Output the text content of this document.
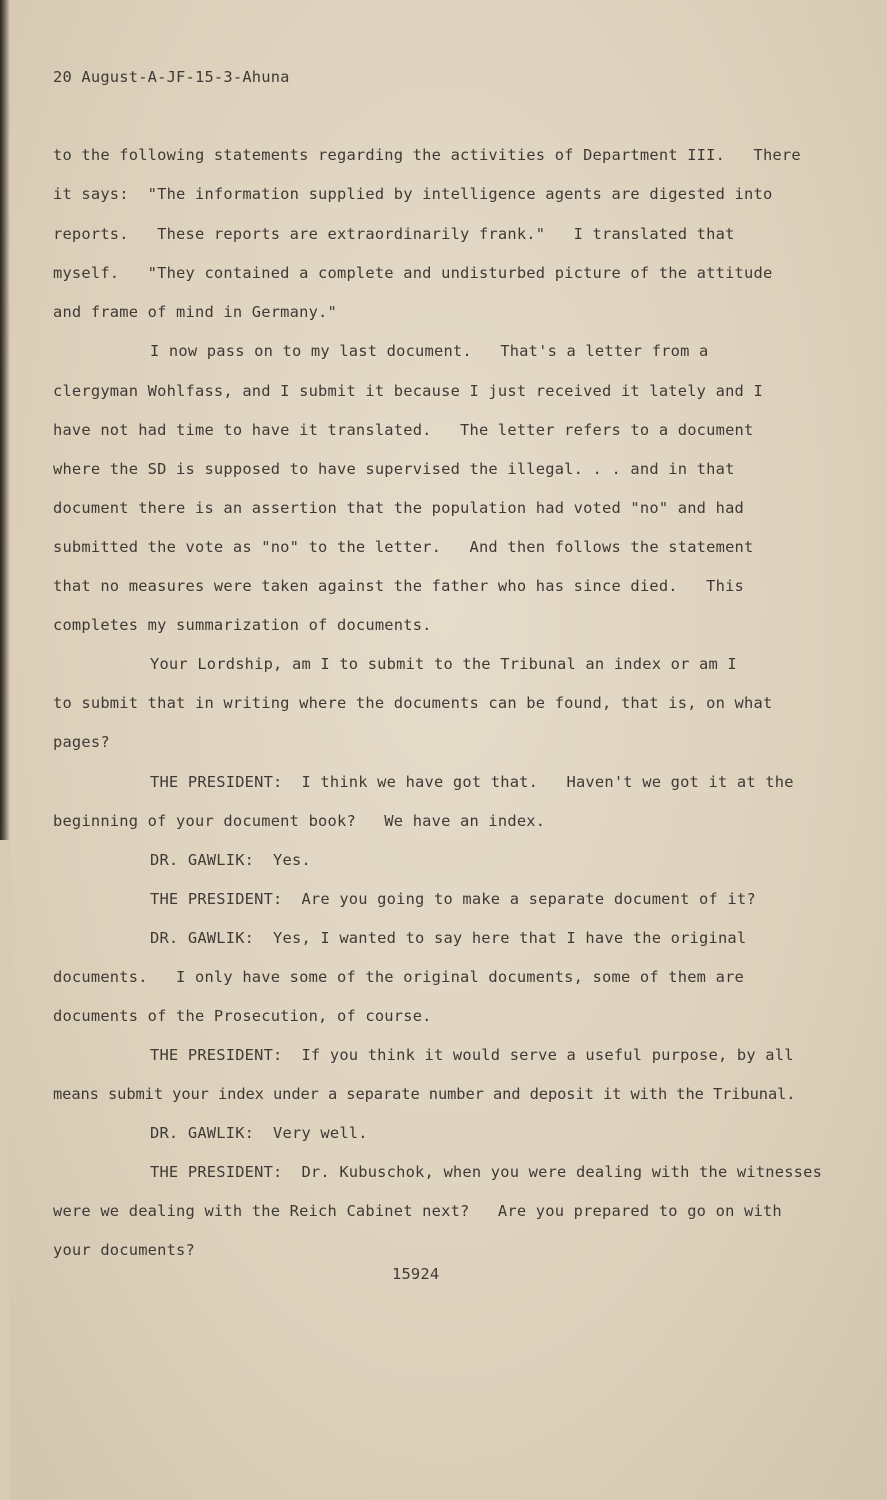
20 August-A-JF-15-3-Ahuna
to the following statements regarding the activities of Department III.   There
it says:  "The information supplied by intelligence agents are digested into
reports.   These reports are extraordinarily frank."   I translated that
myself.   "They contained a complete and undisturbed picture of the attitude
and frame of mind in Germany."
I now pass on to my last document.   That's a letter from a
clergyman Wohlfass, and I submit it because I just received it lately and I
have not had time to have it translated.   The letter refers to a document
where the SD is supposed to have supervised the illegal. . . and in that
document there is an assertion that the population had voted "no" and had
submitted the vote as "no" to the letter.   And then follows the statement
that no measures were taken against the father who has since died.   This
completes my summarization of documents.
Your Lordship, am I to submit to the Tribunal an index or am I
to submit that in writing where the documents can be found, that is, on what
pages?
THE PRESIDENT:  I think we have got that.   Haven't we got it at the
beginning of your document book?   We have an index.
DR. GAWLIK:  Yes.
THE PRESIDENT:  Are you going to make a separate document of it?
DR. GAWLIK:  Yes, I wanted to say here that I have the original
documents.   I only have some of the original documents, some of them are
documents of the Prosecution, of course.
THE PRESIDENT:  If you think it would serve a useful purpose, by all
means submit your index under a separate number and deposit it with the Tribunal.
DR. GAWLIK:  Very well.
THE PRESIDENT:  Dr. Kubuschok, when you were dealing with the witnesses
were we dealing with the Reich Cabinet next?   Are you prepared to go on with
your documents?
15924
